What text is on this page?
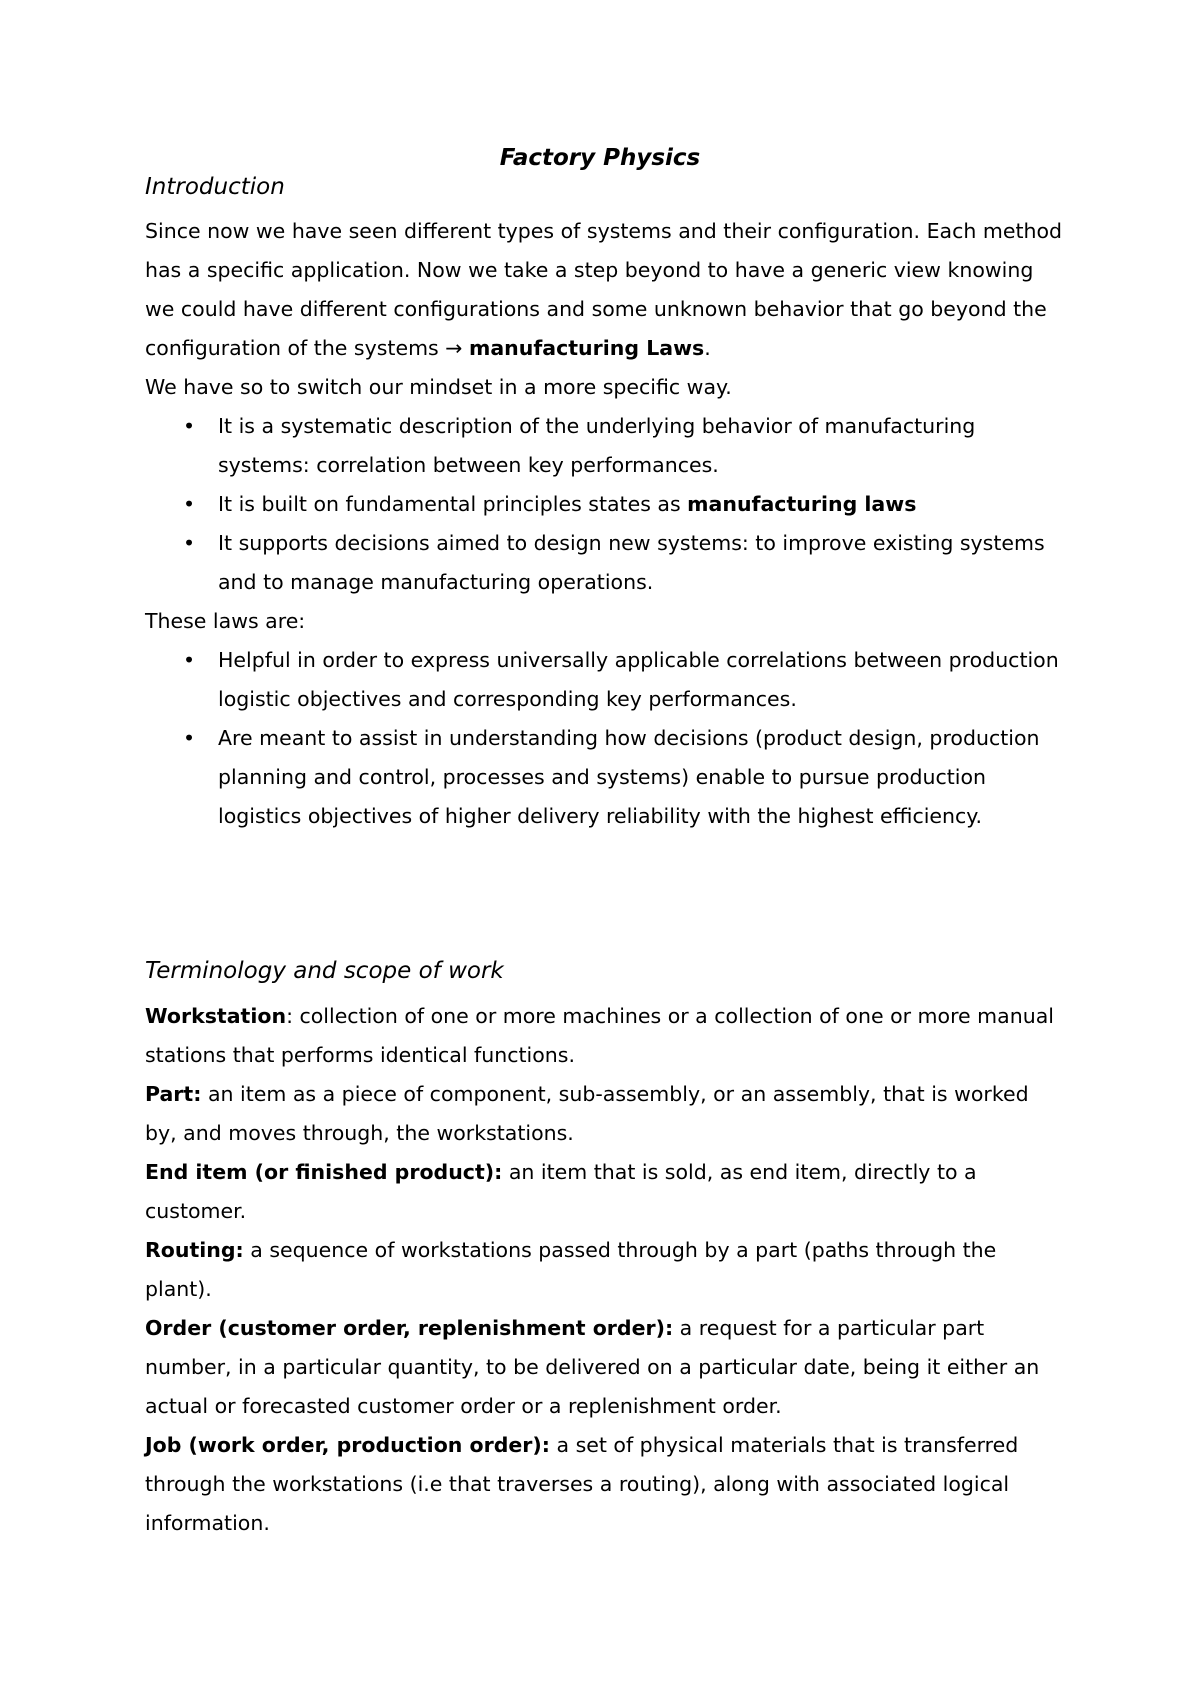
Factory Physics
Introduction

Since now we have seen different types of systems and their configuration. Each method has a specific application. Now we take a step beyond to have a generic view knowing we could have different configurations and some unknown behavior that go beyond the configuration of the systems → manufacturing Laws.

We have so to switch our mindset in a more specific way.

• It is a systematic description of the underlying behavior of manufacturing systems: correlation between key performances.
• It is built on fundamental principles states as manufacturing laws
• It supports decisions aimed to design new systems: to improve existing systems and to manage manufacturing operations.

These laws are:

• Helpful in order to express universally applicable correlations between production logistic objectives and corresponding key performances.
• Are meant to assist in understanding how decisions (product design, production planning and control, processes and systems) enable to pursue production logistics objectives of higher delivery reliability with the highest efficiency.
Terminology and scope of work

Workstation: collection of one or more machines or a collection of one or more manual stations that performs identical functions.

Part: an item as a piece of component, sub-assembly, or an assembly, that is worked by, and moves through, the workstations.

End item (or finished product): an item that is sold, as end item, directly to a customer.

Routing: a sequence of workstations passed through by a part (paths through the plant).

Order (customer order, replenishment order): a request for a particular part number, in a particular quantity, to be delivered on a particular date, being it either an actual or forecasted customer order or a replenishment order.

Job (work order, production order): a set of physical materials that is transferred through the workstations (i.e that traverses a routing), along with associated logical information.
